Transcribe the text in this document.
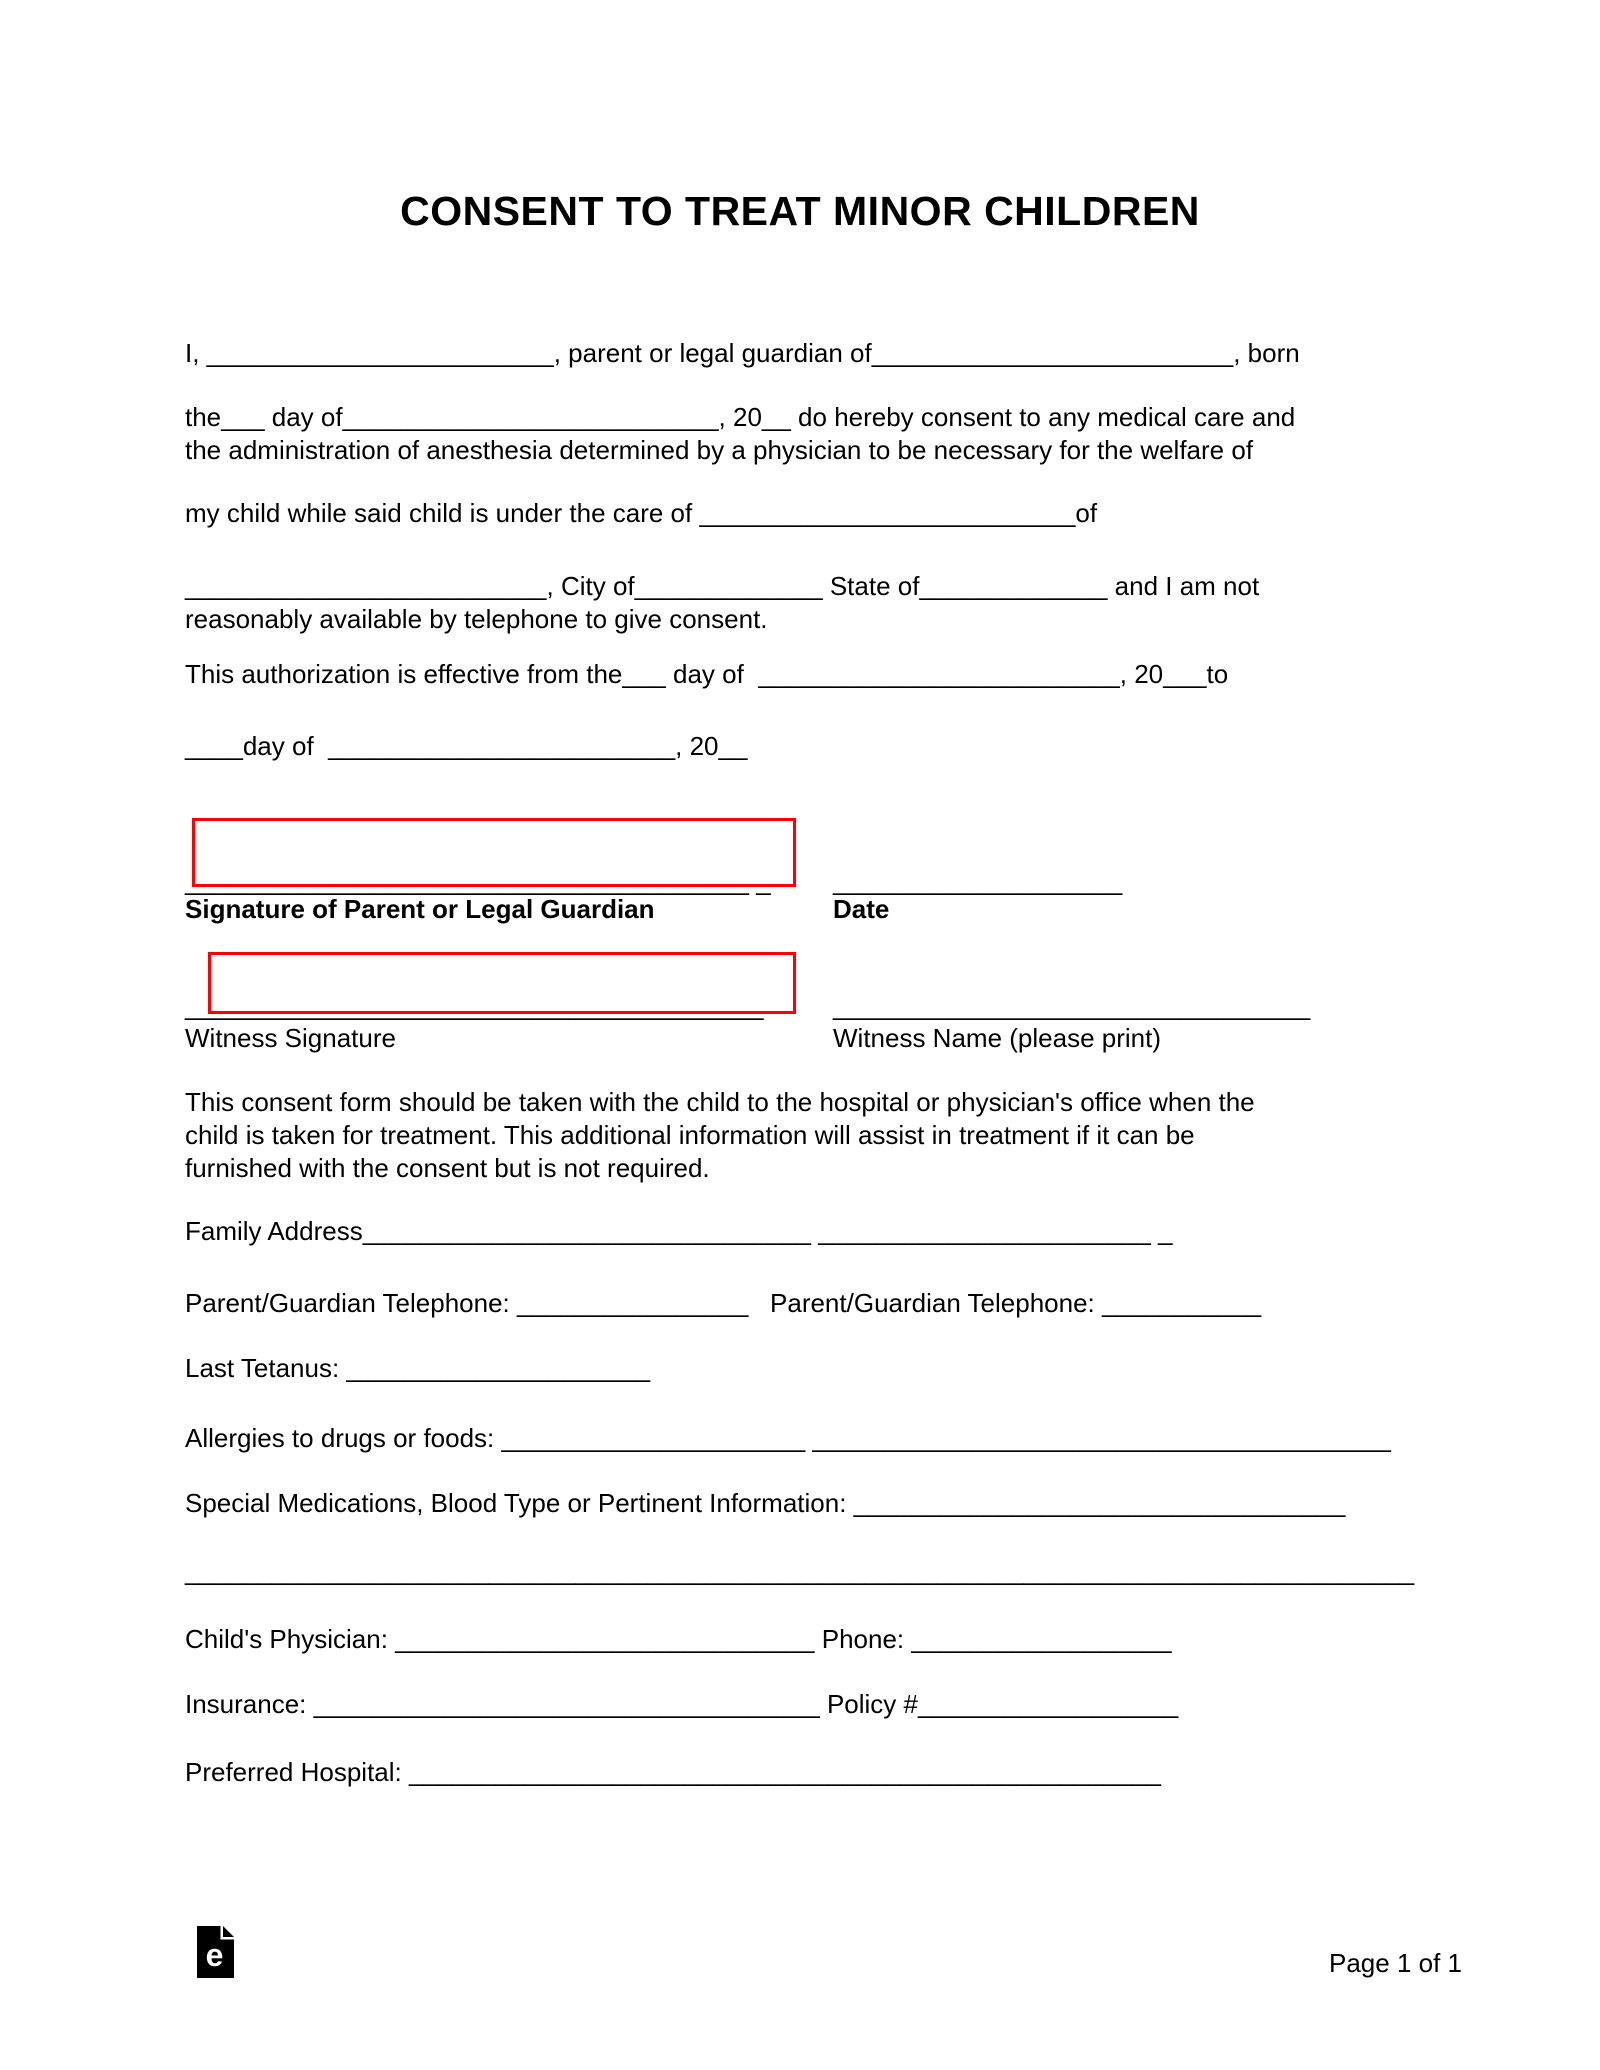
CONSENT TO TREAT MINOR CHILDREN
I, ________________________, parent or legal guardian of_________________________, born
the___ day of__________________________, 20__ do hereby consent to any medical care and
the administration of anesthesia determined by a physician to be necessary for the welfare of
my child while said child is under the care of __________________________of
_________________________, City of_____________ State of_____________ and I am not
reasonably available by telephone to give consent.
This authorization is effective from the___ day of  _________________________, 20___to
____day of  ________________________, 20__
_______________________________________ _ ____________________
Signature of Parent or Legal Guardian	Date
________________________________________	_________________________________
Witness Signature	Witness Name (please print)
This consent form should be taken with the child to the hospital or physician's office when the
child is taken for treatment. This additional information will assist in treatment if it can be
furnished with the consent but is not required.
Family Address_______________________________ _______________________ _
Parent/Guardian Telephone: ________________   Parent/Guardian Telephone: ___________
Last Tetanus: _____________________
Allergies to drugs or foods: _____________________ ________________________________________
Special Medications, Blood Type or Pertinent Information: __________________________________
_____________________________________________________________________________________
Child's Physician: _____________________________ Phone: __________________
Insurance: ___________________________________ Policy #__________________
Preferred Hospital: ____________________________________________________
e	Page 1 of 1
